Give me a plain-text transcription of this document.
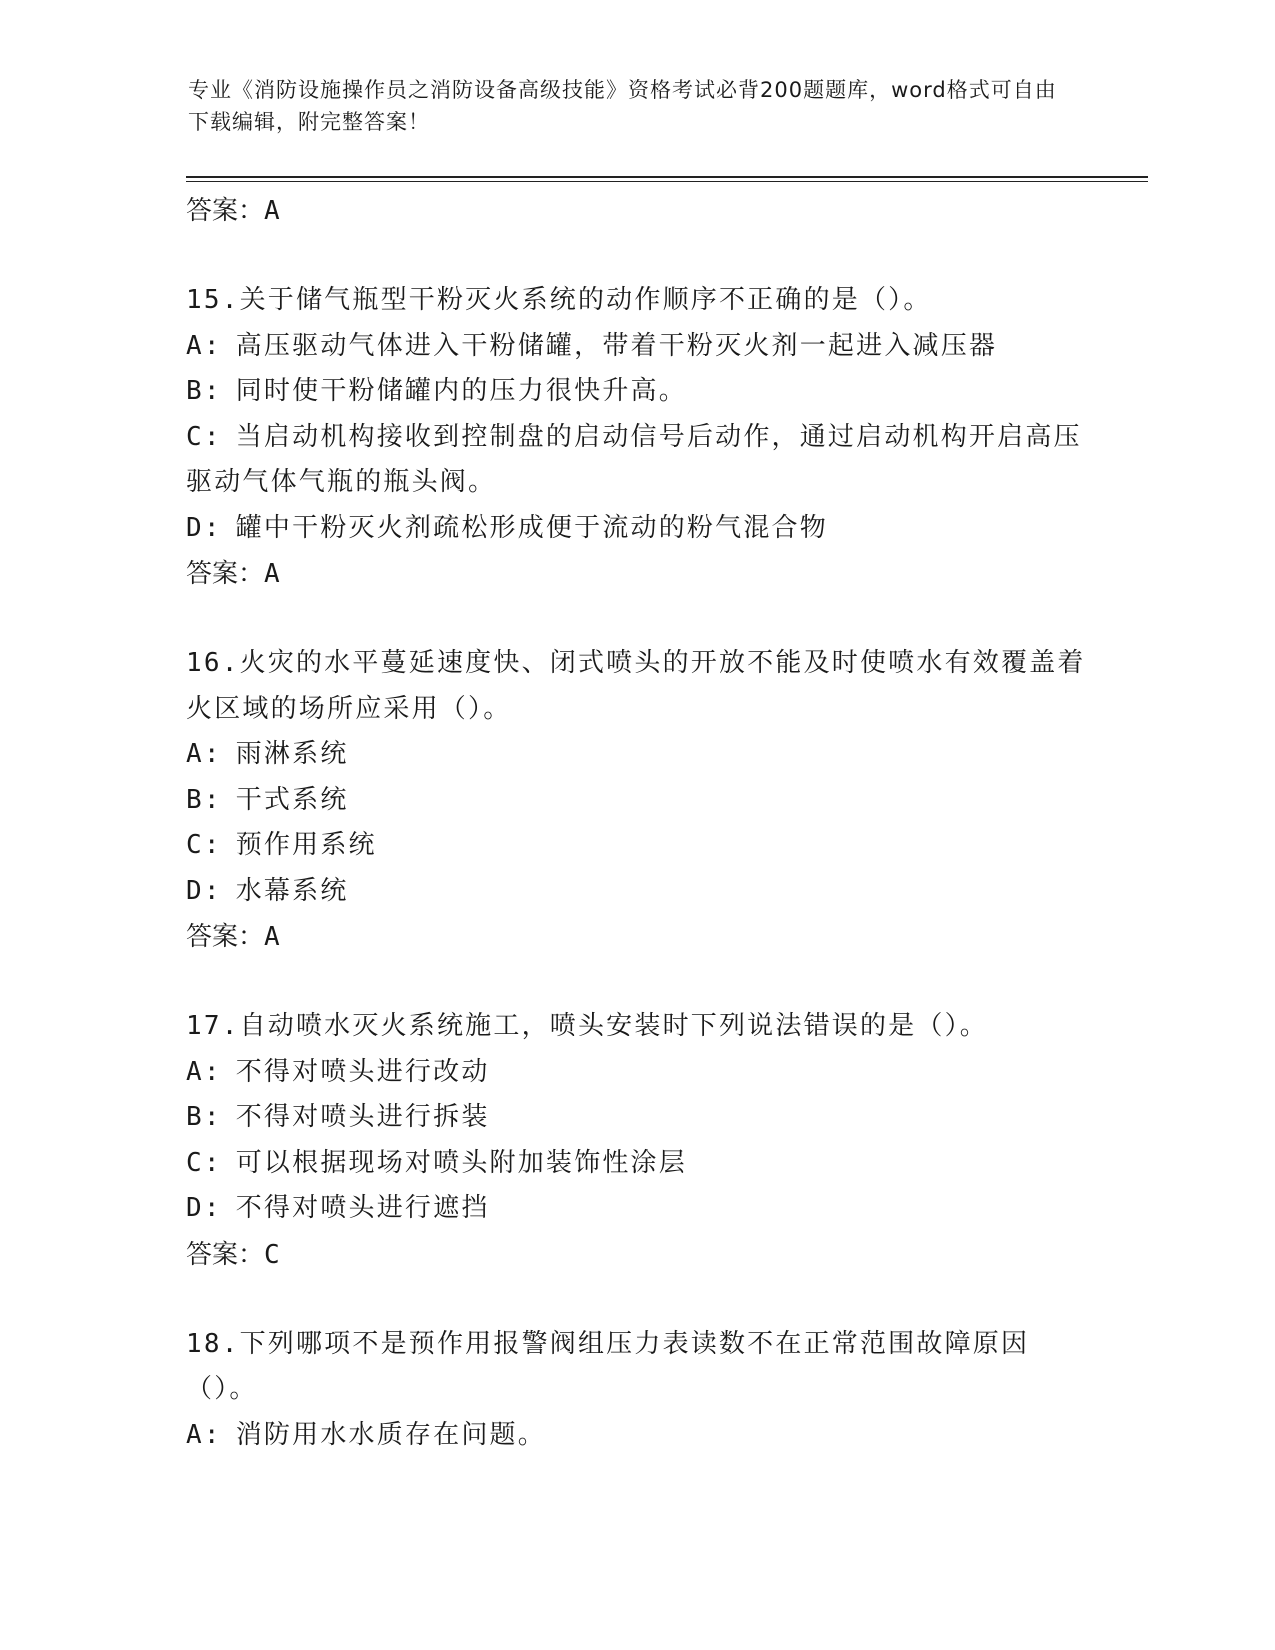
专业《消防设施操作员之消防设备高级技能》资格考试必背200题题库，word格式可自由下载编辑，附完整答案！
答案：A
15.关于储气瓶型干粉灭火系统的动作顺序不正确的是（）。
A: 高压驱动气体进入干粉储罐，带着干粉灭火剂一起进入减压器
B: 同时使干粉储罐内的压力很快升高。
C: 当启动机构接收到控制盘的启动信号后动作，通过启动机构开启高压驱动气体气瓶的瓶头阀。
D: 罐中干粉灭火剂疏松形成便于流动的粉气混合物
答案：A
16.火灾的水平蔓延速度快、闭式喷头的开放不能及时使喷水有效覆盖着火区域的场所应采用（）。
A: 雨淋系统
B: 干式系统
C: 预作用系统
D: 水幕系统
答案：A
17.自动喷水灭火系统施工，喷头安装时下列说法错误的是（）。
A: 不得对喷头进行改动
B: 不得对喷头进行拆装
C: 可以根据现场对喷头附加装饰性涂层
D: 不得对喷头进行遮挡
答案：C
18.下列哪项不是预作用报警阀组压力表读数不在正常范围故障原因（）。
A: 消防用水水质存在问题。
